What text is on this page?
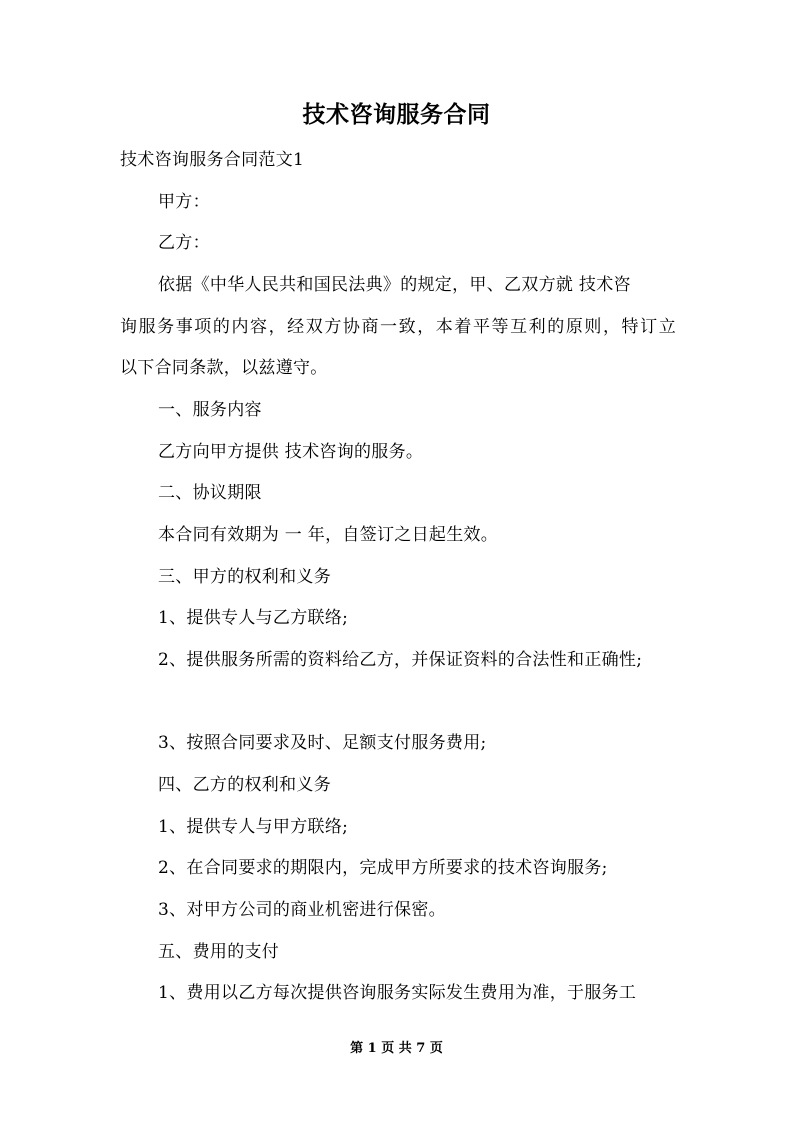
技术咨询服务合同
技术咨询服务合同范文1
甲方：
乙方：
依据《中华人民共和国民法典》的规定，甲、乙双方就 技术咨
询服务事项的内容，经双方协商一致，本着平等互利的原则，特订立
以下合同条款，以兹遵守。
一、服务内容
乙方向甲方提供 技术咨询的服务。
二、协议期限
本合同有效期为 一 年，自签订之日起生效。
三、甲方的权利和义务
1、提供专人与乙方联络;
2、提供服务所需的资料给乙方，并保证资料的合法性和正确性;
3、按照合同要求及时、足额支付服务费用;
四、乙方的权利和义务
1、提供专人与甲方联络;
2、在合同要求的期限内，完成甲方所要求的技术咨询服务;
3、对甲方公司的商业机密进行保密。
五、费用的支付
1、费用以乙方每次提供咨询服务实际发生费用为准，于服务工
第 1 页 共 7 页
